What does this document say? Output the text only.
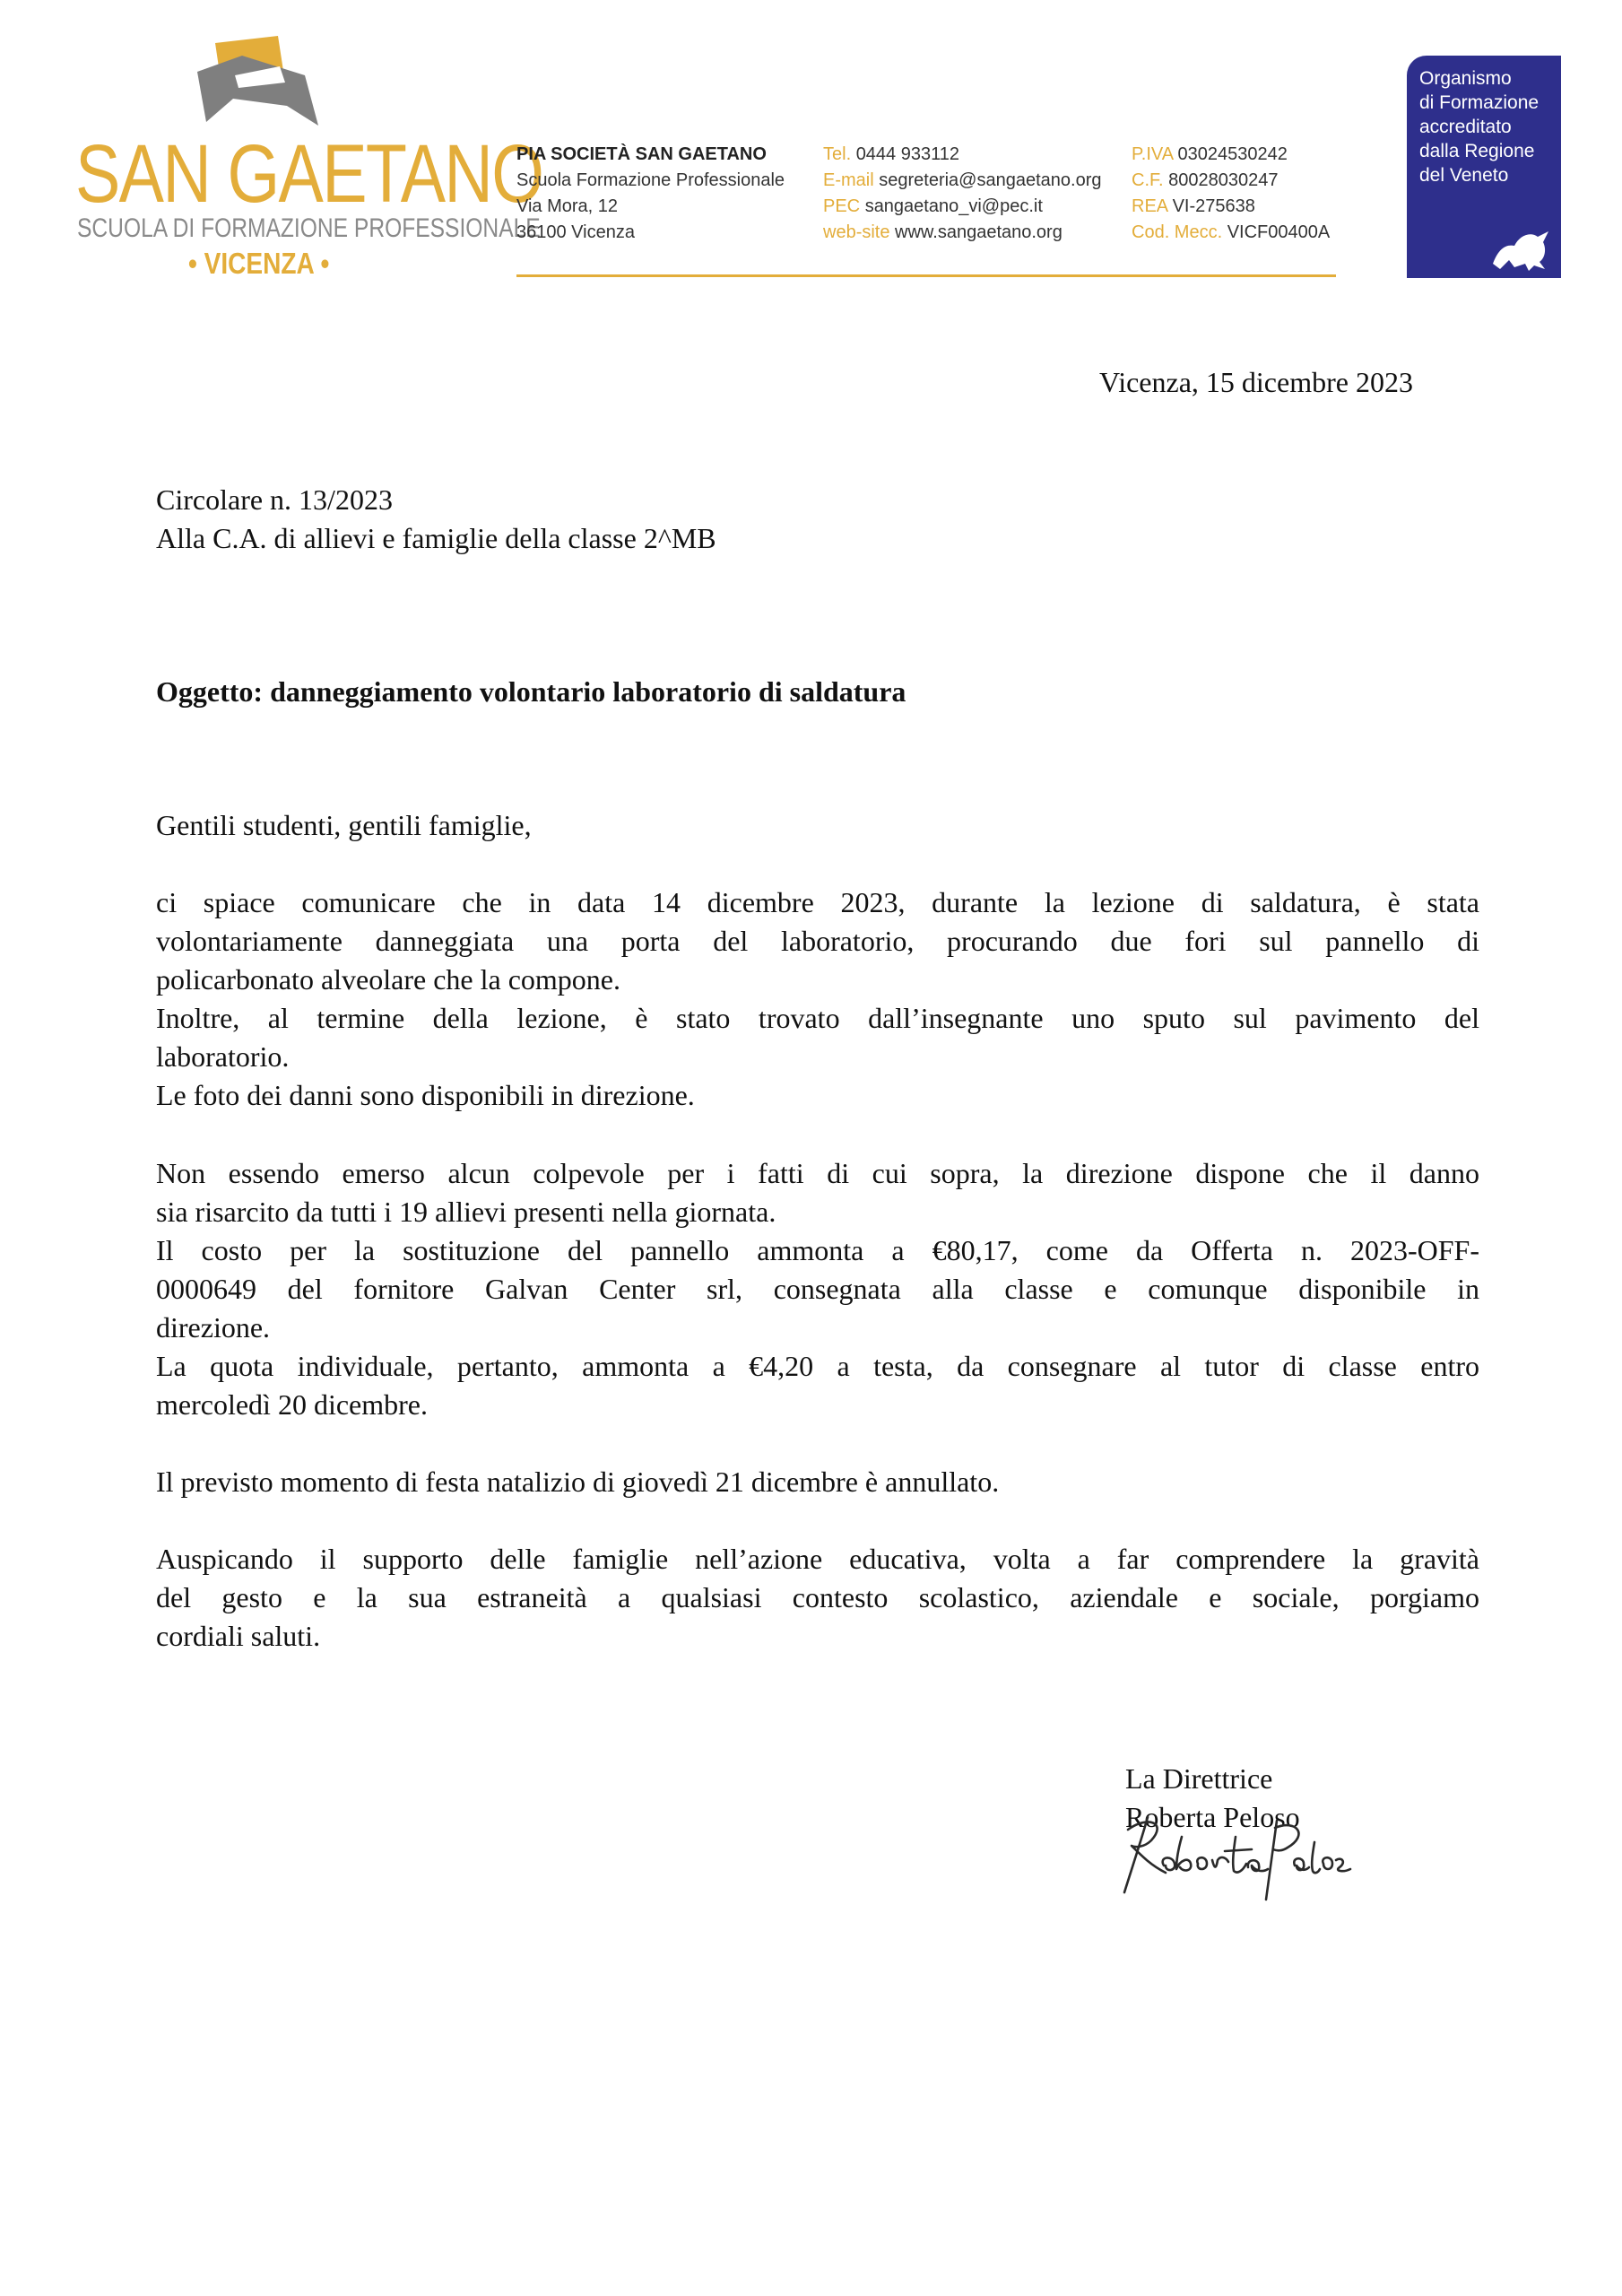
SAN GAETANO
SCUOLA DI FORMAZIONE PROFESSIONALE
• VICENZA •
PIA SOCIETÀ SAN GAETANO
Scuola Formazione Professionale
Via Mora, 12
36100 Vicenza
Tel. 0444 933112
E-mail segreteria@sangaetano.org
PEC sangaetano_vi@pec.it
web-site www.sangaetano.org
P.IVA 03024530242
C.F. 80028030247
REA VI-275638
Cod. Mecc. VICF00400A
Organismo
di Formazione
accreditato
dalla Regione
del Veneto
Vicenza, 15 dicembre 2023
Circolare n. 13/2023
Alla C.A. di allievi e famiglie della classe 2^MB
Oggetto: danneggiamento volontario laboratorio di saldatura
Gentili studenti, gentili famiglie,
ci spiace comunicare che in data 14 dicembre 2023, durante la lezione di saldatura, è stata
volontariamente danneggiata una porta del laboratorio, procurando due fori sul pannello di
policarbonato alveolare che la compone.
Inoltre, al termine della lezione, è stato trovato dall’insegnante uno sputo sul pavimento del
laboratorio.
Le foto dei danni sono disponibili in direzione.
Non essendo emerso alcun colpevole per i fatti di cui sopra, la direzione dispone che il danno
sia risarcito da tutti i 19 allievi presenti nella giornata.
Il costo per la sostituzione del pannello ammonta a €80,17, come da Offerta n. 2023-OFF-
0000649 del fornitore Galvan Center srl, consegnata alla classe e comunque disponibile in
direzione.
La quota individuale, pertanto, ammonta a €4,20 a testa, da consegnare al tutor di classe entro
mercoledì 20 dicembre.
Il previsto momento di festa natalizio di giovedì 21 dicembre è annullato.
Auspicando il supporto delle famiglie nell’azione educativa, volta a far comprendere la gravità
del gesto e la sua estraneità a qualsiasi contesto scolastico, aziendale e sociale, porgiamo
cordiali saluti.
La Direttrice
Roberta Peloso
